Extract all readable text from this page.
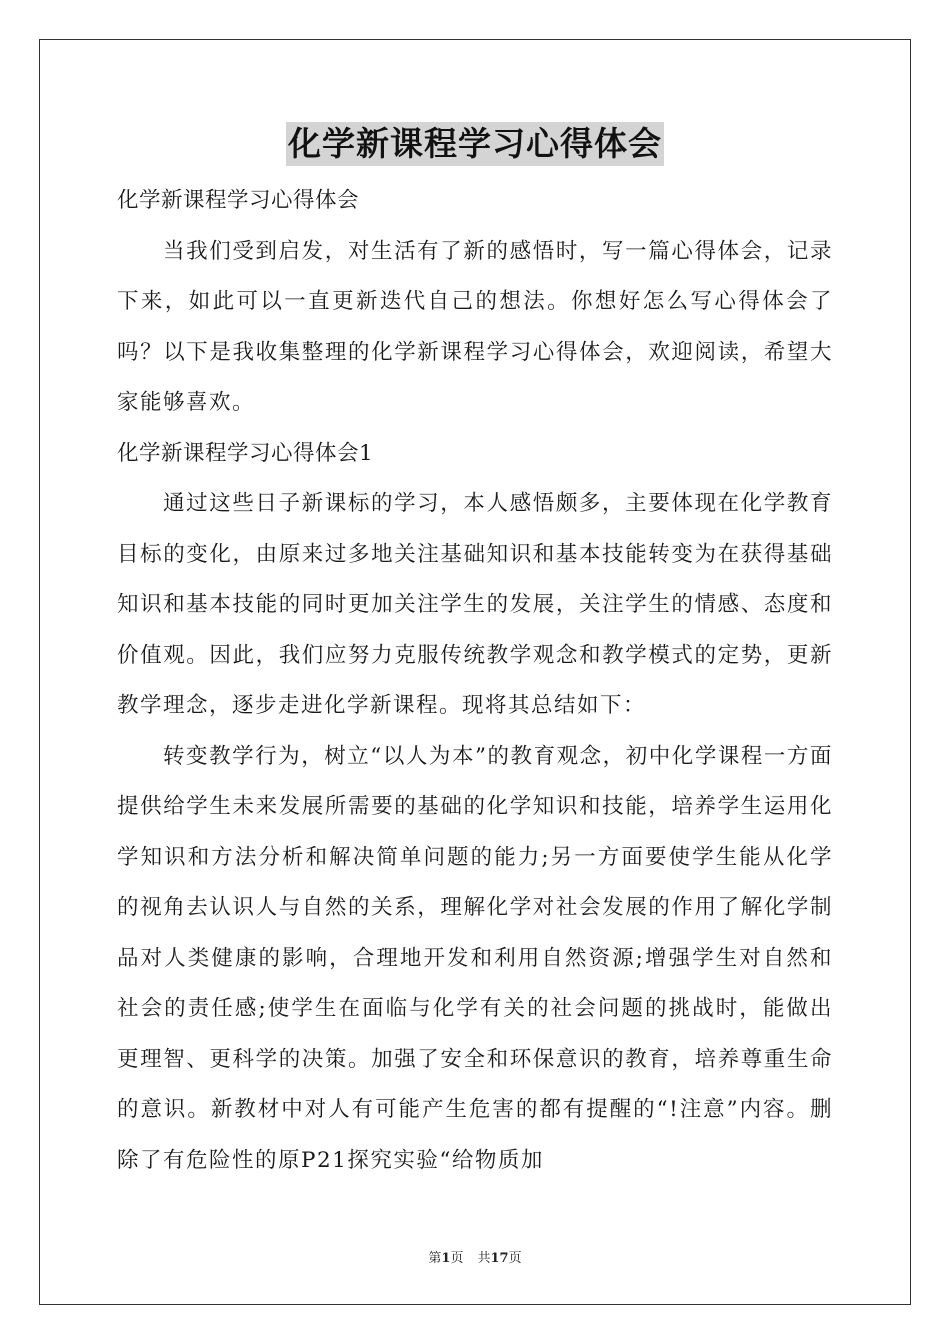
化学新课程学习心得体会

化学新课程学习心得体会

当我们受到启发，对生活有了新的感悟时，写一篇心得体会，记录下来，如此可以一直更新迭代自己的想法。你想好怎么写心得体会了吗？以下是我收集整理的化学新课程学习心得体会，欢迎阅读，希望大家能够喜欢。

化学新课程学习心得体会1

通过这些日子新课标的学习，本人感悟颇多，主要体现在化学教育目标的变化，由原来过多地关注基础知识和基本技能转变为在获得基础知识和基本技能的同时更加关注学生的发展，关注学生的情感、态度和价值观。因此，我们应努力克服传统教学观念和教学模式的定势，更新教学理念，逐步走进化学新课程。现将其总结如下：

转变教学行为，树立“以人为本”的教育观念，初中化学课程一方面提供给学生未来发展所需要的基础的化学知识和技能，培养学生运用化学知识和方法分析和解决简单问题的能力;另一方面要使学生能从化学的视角去认识人与自然的关系，理解化学对社会发展的作用了解化学制品对人类健康的影响，合理地开发和利用自然资源;增强学生对自然和社会的责任感;使学生在面临与化学有关的社会问题的挑战时，能做出更理智、更科学的决策。加强了安全和环保意识的教育，培养尊重生命的意识。新教材中对人有可能产生危害的都有提醒的“!注意”内容。删除了有危险性的原P21探究实验“给物质加

第1页 共17页
